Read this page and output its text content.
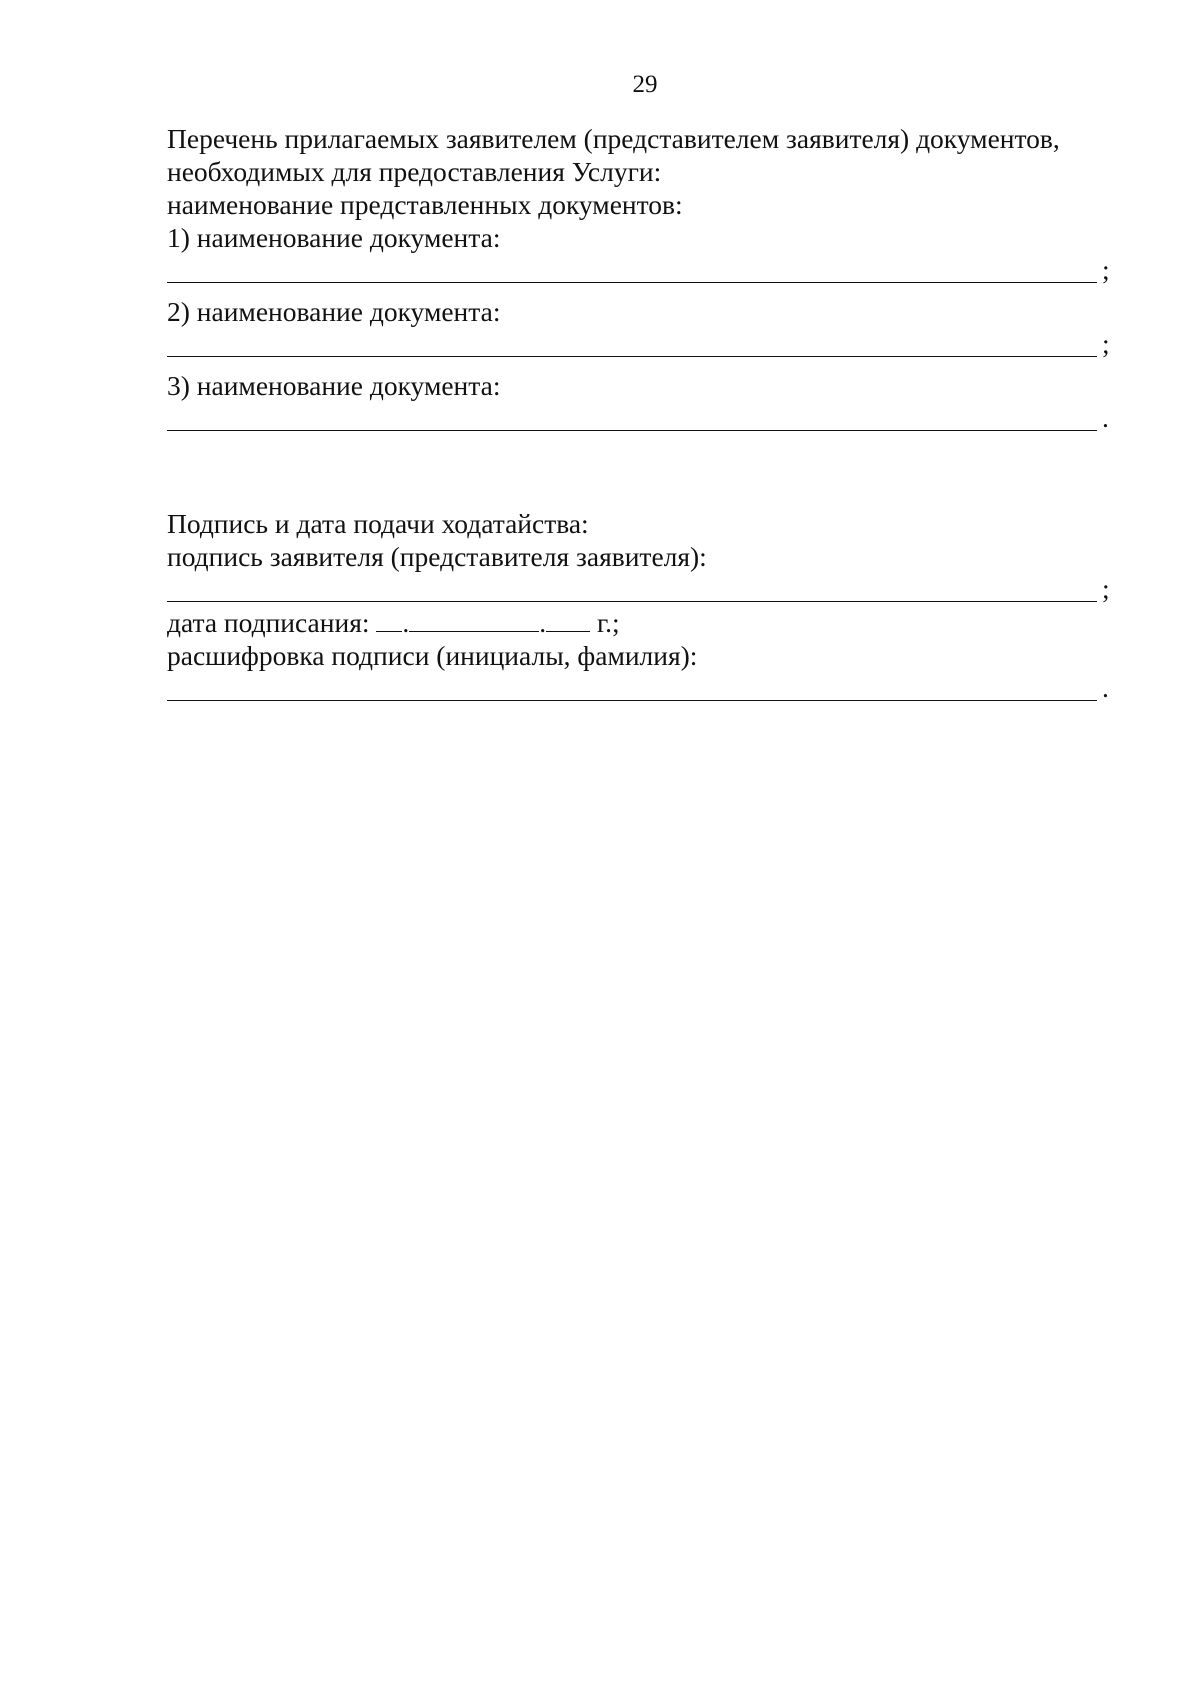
29
Перечень прилагаемых заявителем (представителем заявителя) документов,
необходимых для предоставления Услуги:
наименование представленных документов:
1) наименование документа:
;
2) наименование документа:
;
3) наименование документа:
.
Подпись и дата подачи ходатайства:
подпись заявителя (представителя заявителя):
;
дата подписания: .	. г.;
расшифровка подписи (инициалы, фамилия):
.
